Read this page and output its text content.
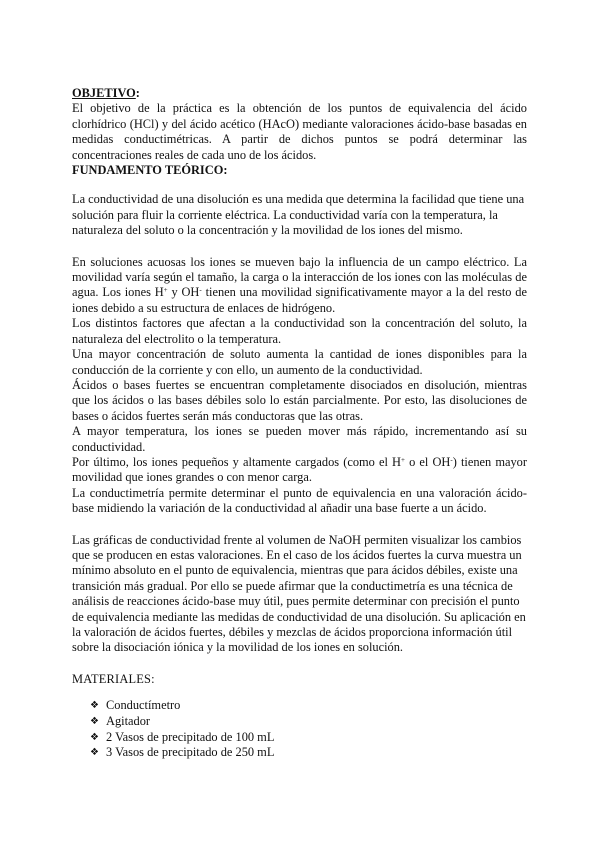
OBJETIVO:

El objetivo de la práctica es la obtención de los puntos de equivalencia del ácido clorhídrico (HCl) y del ácido acético (HAcO) mediante valoraciones ácido-base basadas en medidas conductimétricas. A partir de dichos puntos se podrá determinar las concentraciones reales de cada uno de los ácidos.

FUNDAMENTO TEÓRICO:

La conductividad de una disolución es una medida que determina la facilidad que tiene una solución para fluir la corriente eléctrica. La conductividad varía con la temperatura, la naturaleza del soluto o la concentración y la movilidad de los iones del mismo.

En soluciones acuosas los iones se mueven bajo la influencia de un campo eléctrico. La movilidad varía según el tamaño, la carga o la interacción de los iones con las moléculas de agua. Los iones H+ y OH- tienen una movilidad significativamente mayor a la del resto de iones debido a su estructura de enlaces de hidrógeno.

Los distintos factores que afectan a la conductividad son la concentración del soluto, la naturaleza del electrolito o la temperatura.

Una mayor concentración de soluto aumenta la cantidad de iones disponibles para la conducción de la corriente y con ello, un aumento de la conductividad.

Ácidos o bases fuertes se encuentran completamente disociados en disolución, mientras que los ácidos o las bases débiles solo lo están parcialmente. Por esto, las disoluciones de bases o ácidos fuertes serán más conductoras que las otras.

A mayor temperatura, los iones se pueden mover más rápido, incrementando así su conductividad.

Por último, los iones pequeños y altamente cargados (como el H+ o el OH-) tienen mayor movilidad que iones grandes o con menor carga.

La conductimetría permite determinar el punto de equivalencia en una valoración ácido-base midiendo la variación de la conductividad al añadir una base fuerte a un ácido.

Las gráficas de conductividad frente al volumen de NaOH permiten visualizar los cambios que se producen en estas valoraciones. En el caso de los ácidos fuertes la curva muestra un mínimo absoluto en el punto de equivalencia, mientras que para ácidos débiles, existe una transición más gradual. Por ello se puede afirmar que la conductimetría es una técnica de análisis de reacciones ácido-base muy útil, pues permite determinar con precisión el punto de equivalencia mediante las medidas de conductividad de una disolución. Su aplicación en la valoración de ácidos fuertes, débiles y mezclas de ácidos proporciona información útil sobre la disociación iónica y la movilidad de los iones en solución.

MATERIALES:
❖ Conductímetro
❖ Agitador
❖ 2 Vasos de precipitado de 100 mL
❖ 3 Vasos de precipitado de 250 mL
